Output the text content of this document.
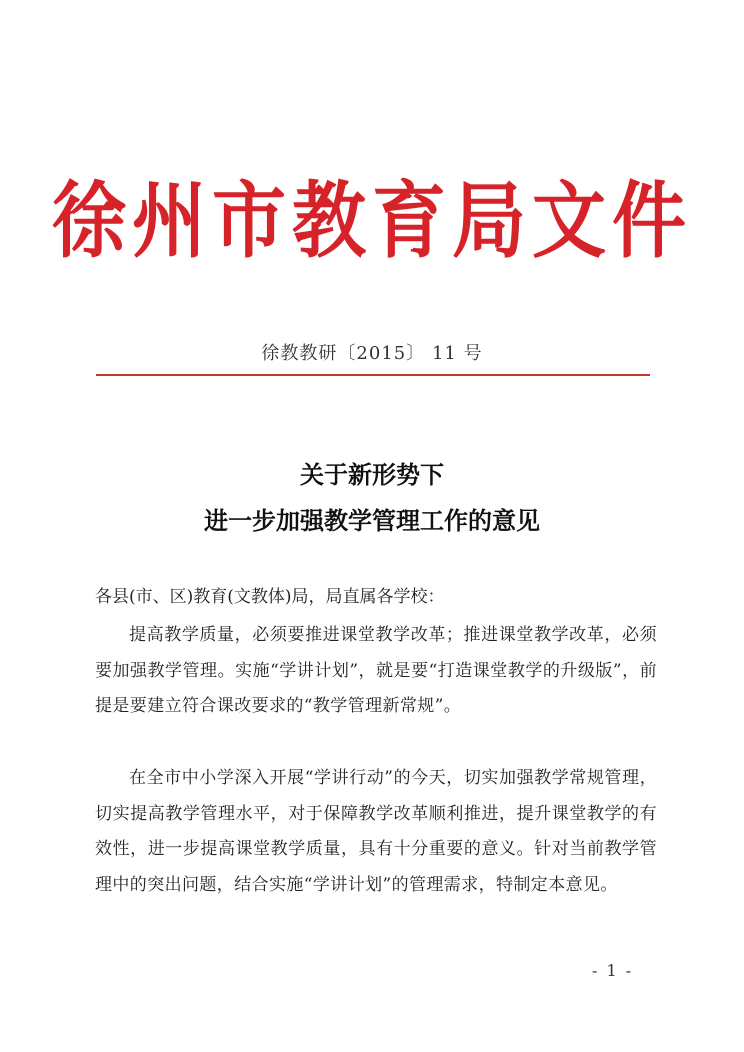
徐州市教育局文件
徐教教研〔2015〕 11 号
关于新形势下
进一步加强教学管理工作的意见
各县(市、区)教育(文教体)局，局直属各学校：
提高教学质量，必须要推进课堂教学改革；推进课堂教学改革，必须要加强教学管理。实施“学讲计划”，就是要“打造课堂教学的升级版”，前提是要建立符合课改要求的“教学管理新常规”。
在全市中小学深入开展“学讲行动”的今天，切实加强教学常规管理，切实提高教学管理水平，对于保障教学改革顺利推进，提升课堂教学的有效性，进一步提高课堂教学质量，具有十分重要的意义。针对当前教学管理中的突出问题，结合实施“学讲计划”的管理需求，特制定本意见。
- 1 -
